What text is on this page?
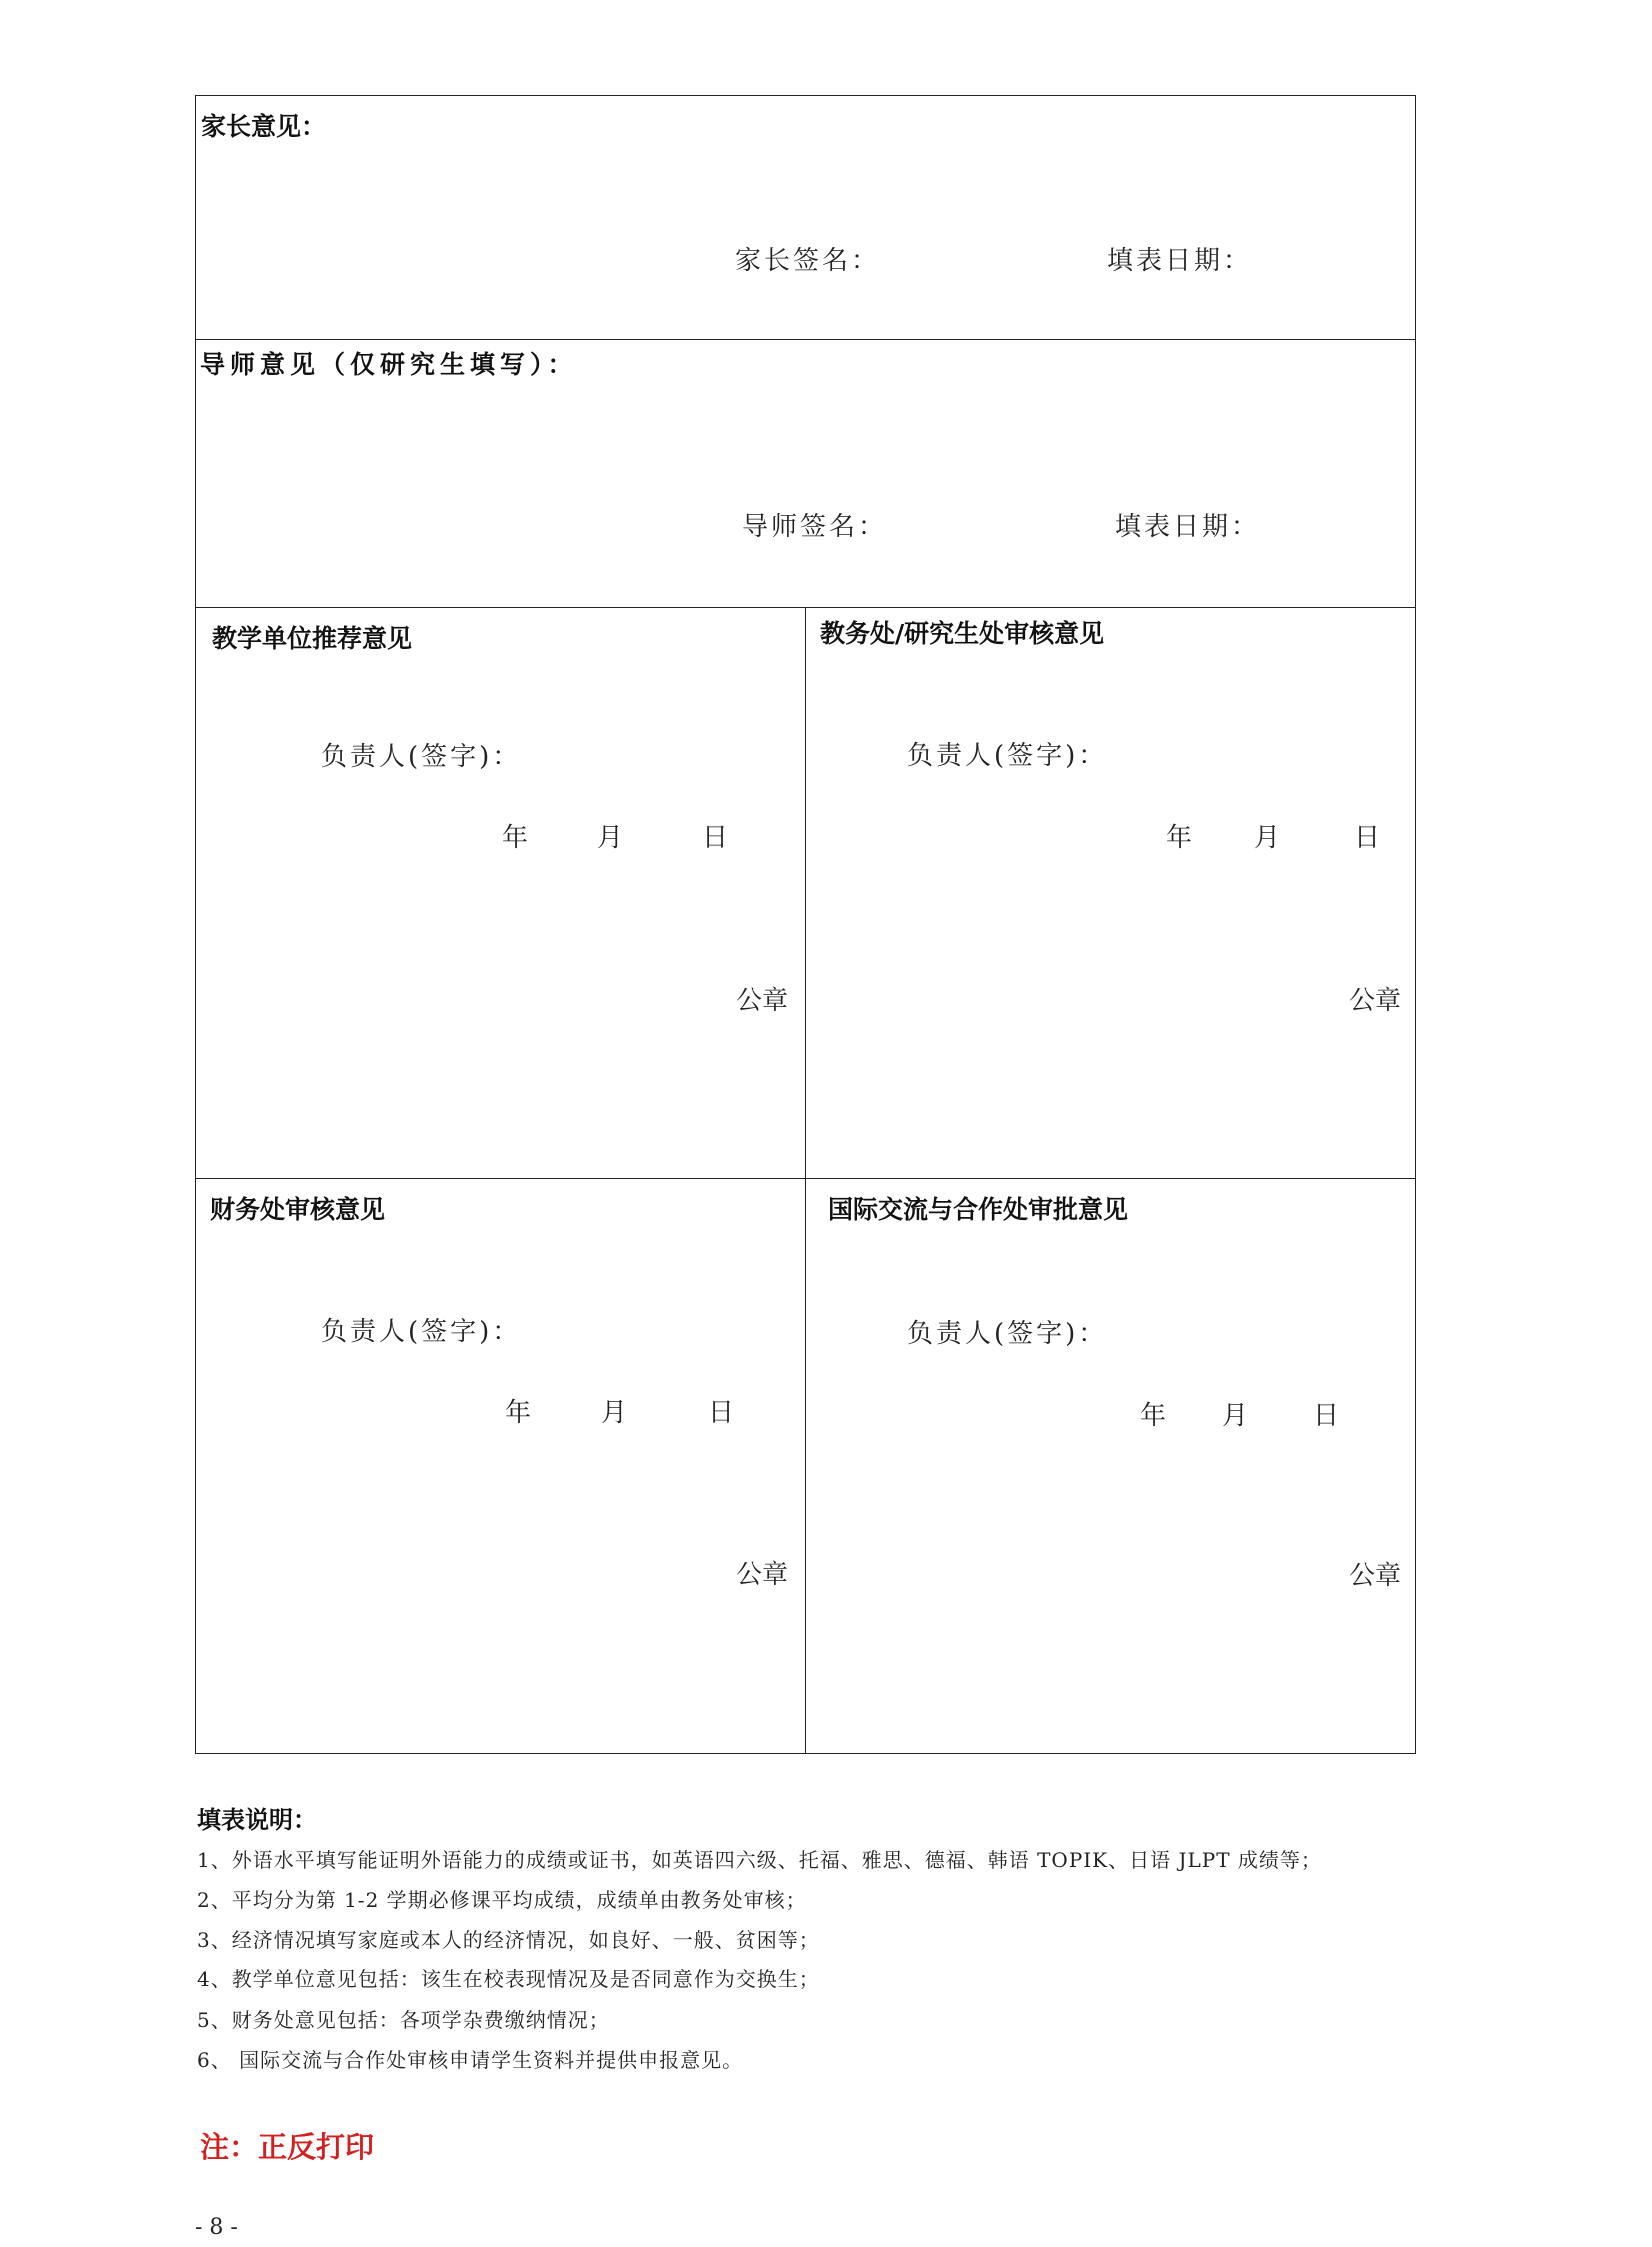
家长意见：
家长签名：	填表日期：
导师意见（仅研究生填写）：
导师签名：	填表日期：
教学单位推荐意见
负责人(签字)：
年	月	日
公章
教务处/研究生处审核意见
负责人(签字)：
年 月	日
公章
财务处审核意见
负责人(签字)：
年	月	日
公章
国际交流与合作处审批意见
负责人(签字)：
年 月 日
公章
填表说明：
1、外语水平填写能证明外语能力的成绩或证书，如英语四六级、托福、雅思、德福、韩语 TOPIK、日语 JLPT 成绩等；
2、平均分为第 1-2 学期必修课平均成绩，成绩单由教务处审核；
3、经济情况填写家庭或本人的经济情况，如良好、一般、贫困等；
4、教学单位意见包括：该生在校表现情况及是否同意作为交换生；
5、财务处意见包括：各项学杂费缴纳情况；
6、 国际交流与合作处审核申请学生资料并提供申报意见。
注：正反打印
- 8 -
